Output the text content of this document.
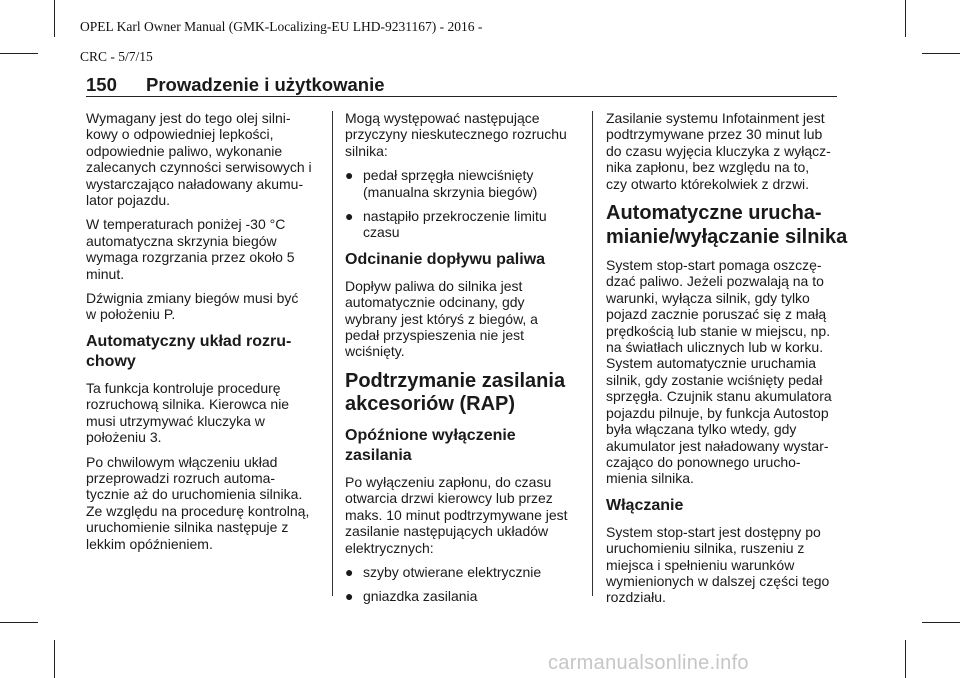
OPEL Karl Owner Manual (GMK-Localizing-EU LHD-9231167) - 2016 -

CRC - 5/7/15

150 Prowadzenie i użytkowanie

Wymagany jest do tego olej silni-
kowy o odpowiedniej lepkości,
odpowiednie paliwo, wykonanie
zalecanych czynności serwisowych i
wystarczająco naładowany akumu-
lator pojazdu.

W temperaturach poniżej -30 °C
automatyczna skrzynia biegów
wymaga rozgrzania przez około 5
minut.

Dźwignia zmiany biegów musi być
w położeniu P.

Automatyczny układ rozru-
chowy

Ta funkcja kontroluje procedurę
rozruchową silnika. Kierowca nie
musi utrzymywać kluczyka w
położeniu 3.

Po chwilowym włączeniu układ
przeprowadzi rozruch automa-
tycznie aż do uruchomienia silnika.
Ze względu na procedurę kontrolną,
uruchomienie silnika następuje z
lekkim opóźnieniem.

Mogą występować następujące
przyczyny nieskutecznego rozruchu
silnika:

● pedał sprzęgła niewciśnięty
(manualna skrzynia biegów)
● nastąpiło przekroczenie limitu
czasu
Odcinanie dopływu paliwa

Dopływ paliwa do silnika jest
automatycznie odcinany, gdy
wybrany jest któryś z biegów, a
pedał przyspieszenia nie jest
wciśnięty.

Podtrzymanie zasilania
akcesoriów (RAP)
Opóźnione wyłączenie
zasilania

Po wyłączeniu zapłonu, do czasu
otwarcia drzwi kierowcy lub przez
maks. 10 minut podtrzymywane jest
zasilanie następujących układów
elektrycznych:

● szyby otwierane elektrycznie
● gniazdka zasilania

Zasilanie systemu Infotainment jest
podtrzymywane przez 30 minut lub
do czasu wyjęcia kluczyka z wyłącz-
nika zapłonu, bez względu na to,
czy otwarto którekolwiek z drzwi.

Automatyczne urucha-
mianie/wyłączanie silnika

System stop-start pomaga oszczę-
dzać paliwo. Jeżeli pozwalają na to
warunki, wyłącza silnik, gdy tylko
pojazd zacznie poruszać się z małą
prędkością lub stanie w miejscu, np.
na światłach ulicznych lub w korku.
System automatycznie uruchamia
silnik, gdy zostanie wciśnięty pedał
sprzęgła. Czujnik stanu akumulatora
pojazdu pilnuje, by funkcja Autostop
była włączana tylko wtedy, gdy
akumulator jest naładowany wystar-
czająco do ponownego urucho-
mienia silnika.

Włączanie

System stop-start jest dostępny po
uruchomieniu silnika, ruszeniu z
miejsca i spełnieniu warunków
wymienionych w dalszej części tego
rozdziału.

carmanualsonline.info
